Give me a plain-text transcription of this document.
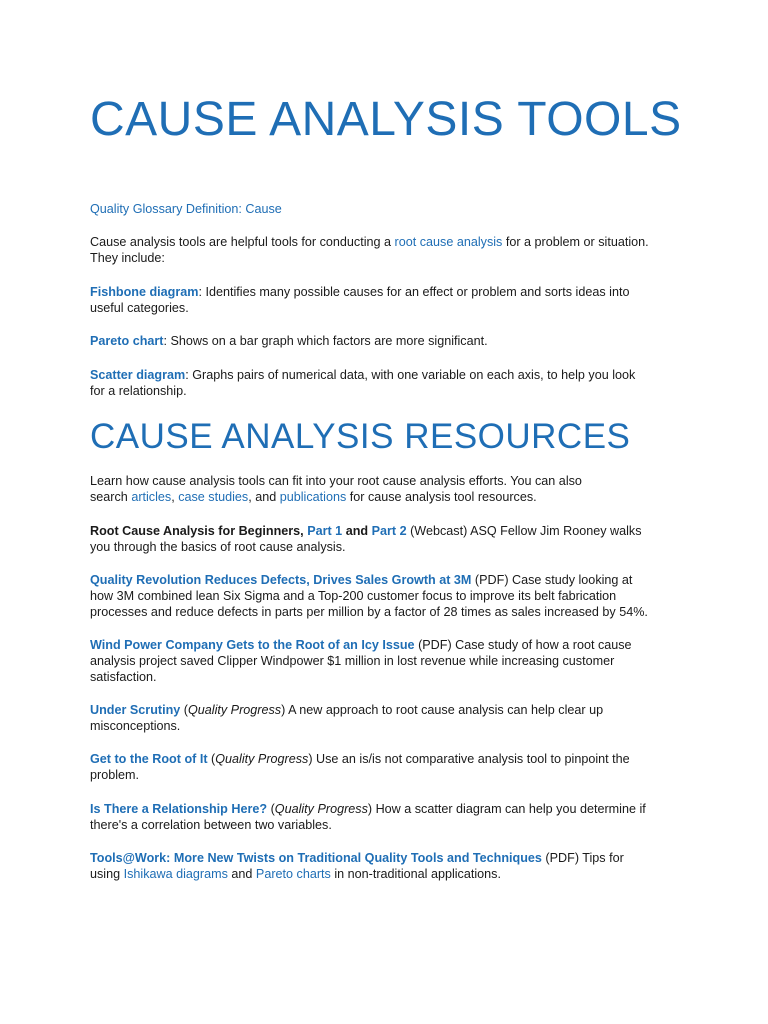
CAUSE ANALYSIS TOOLS
Quality Glossary Definition: Cause
Cause analysis tools are helpful tools for conducting a root cause analysis for a problem or situation.
They include:
Fishbone diagram: Identifies many possible causes for an effect or problem and sorts ideas into
useful categories.
Pareto chart: Shows on a bar graph which factors are more significant.
Scatter diagram: Graphs pairs of numerical data, with one variable on each axis, to help you look
for a relationship.
CAUSE ANALYSIS RESOURCES
Learn how cause analysis tools can fit into your root cause analysis efforts. You can also
search articles, case studies, and publications for cause analysis tool resources.
Root Cause Analysis for Beginners, Part 1 and Part 2 (Webcast) ASQ Fellow Jim Rooney walks
you through the basics of root cause analysis.
Quality Revolution Reduces Defects, Drives Sales Growth at 3M (PDF) Case study looking at
how 3M combined lean Six Sigma and a Top-200 customer focus to improve its belt fabrication
processes and reduce defects in parts per million by a factor of 28 times as sales increased by 54%.
Wind Power Company Gets to the Root of an Icy Issue (PDF) Case study of how a root cause
analysis project saved Clipper Windpower $1 million in lost revenue while increasing customer
satisfaction.
Under Scrutiny (Quality Progress) A new approach to root cause analysis can help clear up
misconceptions.
Get to the Root of It (Quality Progress) Use an is/is not comparative analysis tool to pinpoint the
problem.
Is There a Relationship Here? (Quality Progress) How a scatter diagram can help you determine if
there's a correlation between two variables.
Tools@Work: More New Twists on Traditional Quality Tools and Techniques (PDF) Tips for
using Ishikawa diagrams and Pareto charts in non-traditional applications.
